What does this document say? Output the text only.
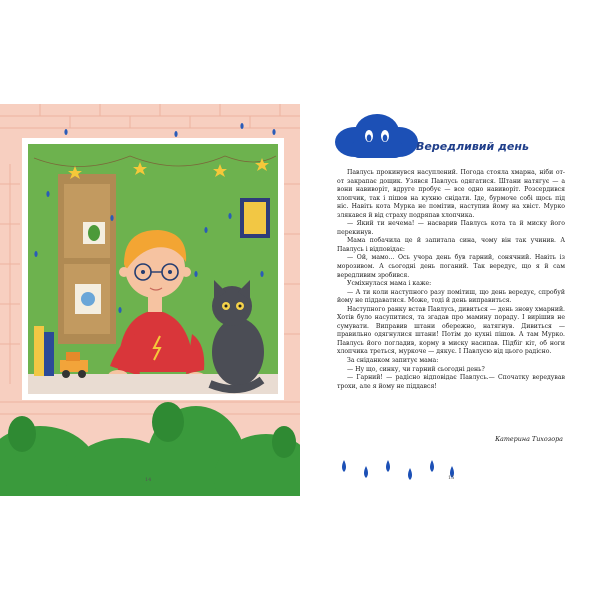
14
Вередливий день

Павлусь прокинувся насуплений. Погода стояла хмарна, ніби от-от закрапає дощик. Узявся Павлусь одягатися. Штани натягує — а вони навиворіт, вдруге пробує — все одно навиворіт. Розсердився хлопчик, так і пішов на кухню снідати. Іде, бурмоче собі щось під ніс. Навіть кота Мурка не помітив, наступив йому на хвіст. Мурко злякався й від страху подряпав хлопчика.

— Який ти нечема! — насварив Павлусь кота та й миску його перекинув.

Мама побачила це й запитала сина, чому він так учинив. А Павлусь і відповідає:

— Ой, мамо... Ось учора день був гарний, сонячний. Навіть із морозивом. А сьогодні день поганий. Так вередує, що я й сам вередливим зробився.

Усміхнулася мама і каже:

— А ти коли наступного разу помітиш, що день вередує, спробуй йому не піддаватися. Може, тоді й день виправиться.

Наступного ранку встав Павлусь, дивиться — день знову хмарний. Хотів було насупитися, та згадав про мамину пораду. І вирішив не сумувати. Виправив штани обережно, натягнув. Дивиться — правильно одягнулися штани! Потім до кухні пішов. А там Мурко. Павлусь його погладив, корму в миску насипав. Підбіг кіт, об ноги хлопчика треться, муркоче — дякує. І Павлусю від цього радісно.

За сніданком запитує мама:

— Ну що, синку, чи гарний сьогодні день?

— Гарний! — радісно відповідає Павлусь.— Спочатку вередував трохи, але я йому не піддався!

Катерина Тихозора
15
